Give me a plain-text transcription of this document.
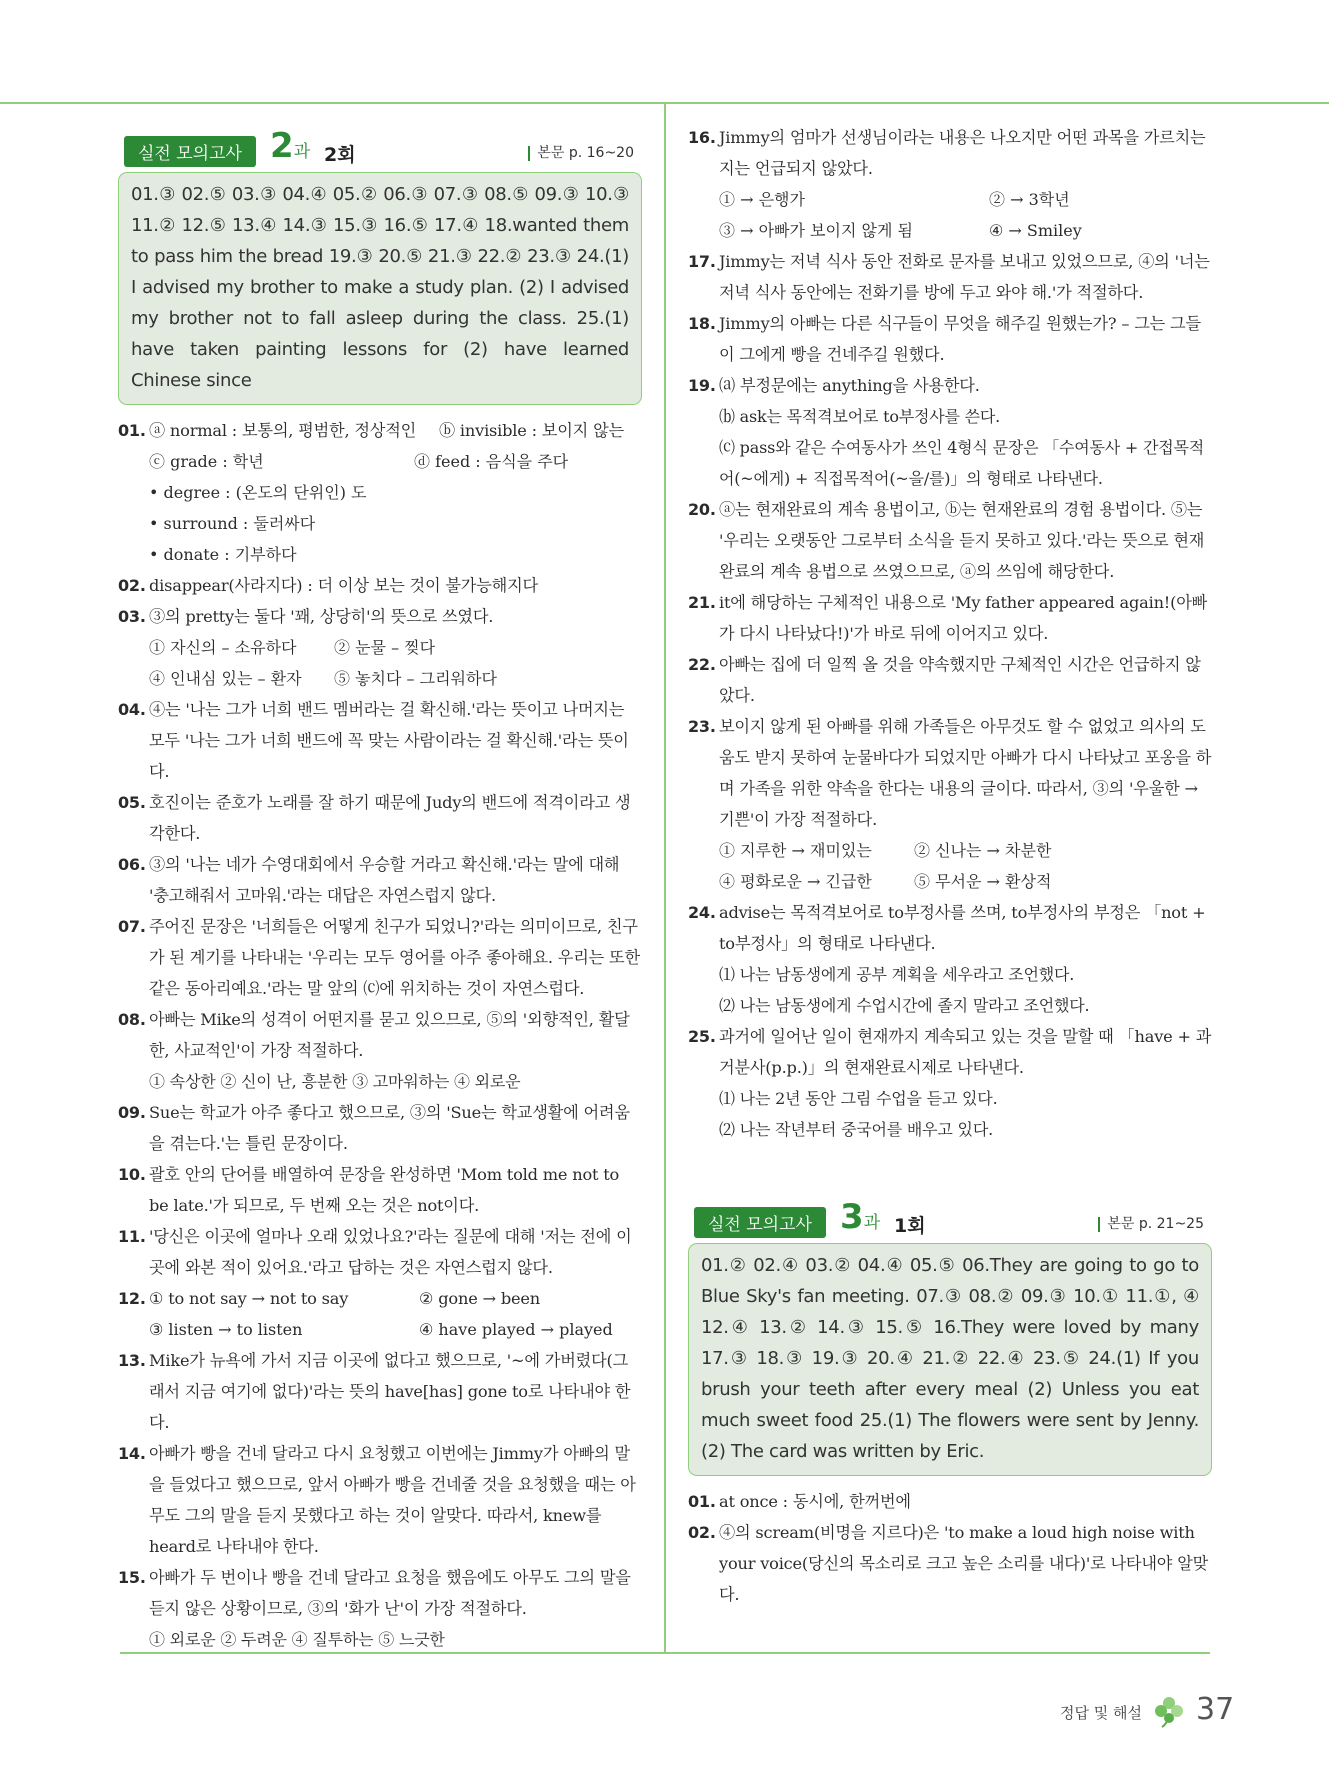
실전 모의고사 2과 2회	본문 p. 16~20
01.③ 02.⑤ 03.③ 04.④ 05.② 06.③ 07.③ 08.⑤ 09.③ 10.③ 11.② 12.⑤ 13.④ 14.③ 15.③ 16.⑤ 17.④ 18.wanted them to pass him the bread 19.③ 20.⑤ 21.③ 22.② 23.③ 24.(1) I advised my brother to make a study plan. (2) I advised my brother not to fall asleep during the class. 25.(1) have taken painting lessons for (2) have learned Chinese since
01. ⓐ normal : 보통의, 평범한, 정상적인 ⓑ invisible : 보이지 않는
ⓒ grade : 학년	ⓓ feed : 음식을 주다
• degree : (온도의 단위인) 도
• surround : 둘러싸다
• donate : 기부하다
02. disappear(사라지다) : 더 이상 보는 것이 불가능해지다
03. ③의 pretty는 둘다 '꽤, 상당히'의 뜻으로 쓰였다.
① 자신의 – 소유하다	② 눈물 – 찢다
④ 인내심 있는 – 환자	⑤ 놓치다 – 그리워하다
04. ④는 '나는 그가 너희 밴드 멤버라는 걸 확신해.'라는 뜻이고 나머지는 모두 '나는 그가 너희 밴드에 꼭 맞는 사람이라는 걸 확신해.'라는 뜻이다.
05. 호진이는 준호가 노래를 잘 하기 때문에 Judy의 밴드에 적격이라고 생각한다.
06. ③의 '나는 네가 수영대회에서 우승할 거라고 확신해.'라는 말에 대해 '충고해줘서 고마워.'라는 대답은 자연스럽지 않다.
07. 주어진 문장은 '너희들은 어떻게 친구가 되었니?'라는 의미이므로, 친구가 된 계기를 나타내는 '우리는 모두 영어를 아주 좋아해요. 우리는 또한 같은 동아리예요.'라는 말 앞의 ⒞에 위치하는 것이 자연스럽다.
08. 아빠는 Mike의 성격이 어떤지를 묻고 있으므로, ⑤의 '외향적인, 활달한, 사교적인'이 가장 적절하다.
① 속상한 ② 신이 난, 흥분한 ③ 고마워하는 ④ 외로운
09. Sue는 학교가 아주 좋다고 했으므로, ③의 'Sue는 학교생활에 어려움을 겪는다.'는 틀린 문장이다.
10. 괄호 안의 단어를 배열하여 문장을 완성하면 'Mom told me not to be late.'가 되므로, 두 번째 오는 것은 not이다.
11. '당신은 이곳에 얼마나 오래 있었나요?'라는 질문에 대해 '저는 전에 이곳에 와본 적이 있어요.'라고 답하는 것은 자연스럽지 않다.
12. ① to not say → not to say	② gone → been
③ listen → to listen	④ have played → played
13. Mike가 뉴욕에 가서 지금 이곳에 없다고 했으므로, '~에 가버렸다(그래서 지금 여기에 없다)'라는 뜻의 have[has] gone to로 나타내야 한다.
14. 아빠가 빵을 건네 달라고 다시 요청했고 이번에는 Jimmy가 아빠의 말을 들었다고 했으므로, 앞서 아빠가 빵을 건네줄 것을 요청했을 때는 아무도 그의 말을 듣지 못했다고 하는 것이 알맞다. 따라서, knew를 heard로 나타내야 한다.
15. 아빠가 두 번이나 빵을 건네 달라고 요청을 했음에도 아무도 그의 말을 듣지 않은 상황이므로, ③의 '화가 난'이 가장 적절하다.
① 외로운 ② 두려운 ④ 질투하는 ⑤ 느긋한
16. Jimmy의 엄마가 선생님이라는 내용은 나오지만 어떤 과목을 가르치는지는 언급되지 않았다.
① → 은행가	② → 3학년
③ → 아빠가 보이지 않게 됨	④ → Smiley
17. Jimmy는 저녁 식사 동안 전화로 문자를 보내고 있었으므로, ④의 '너는 저녁 식사 동안에는 전화기를 방에 두고 와야 해.'가 적절하다.
18. Jimmy의 아빠는 다른 식구들이 무엇을 해주길 원했는가? – 그는 그들이 그에게 빵을 건네주길 원했다.
19. ⒜ 부정문에는 anything을 사용한다.
⒝ ask는 목적격보어로 to부정사를 쓴다.
⒞ pass와 같은 수여동사가 쓰인 4형식 문장은 「수여동사 + 간접목적어(~에게) + 직접목적어(~을/를)」의 형태로 나타낸다.
20. ⓐ는 현재완료의 계속 용법이고, ⓑ는 현재완료의 경험 용법이다. ⑤는 '우리는 오랫동안 그로부터 소식을 듣지 못하고 있다.'라는 뜻으로 현재완료의 계속 용법으로 쓰였으므로, ⓐ의 쓰임에 해당한다.
21. it에 해당하는 구체적인 내용으로 'My father appeared again!(아빠가 다시 나타났다!)'가 바로 뒤에 이어지고 있다.
22. 아빠는 집에 더 일찍 올 것을 약속했지만 구체적인 시간은 언급하지 않았다.
23. 보이지 않게 된 아빠를 위해 가족들은 아무것도 할 수 없었고 의사의 도움도 받지 못하여 눈물바다가 되었지만 아빠가 다시 나타났고 포옹을 하며 가족을 위한 약속을 한다는 내용의 글이다. 따라서, ③의 '우울한 → 기쁜'이 가장 적절하다.
① 지루한 → 재미있는	② 신나는 → 차분한
④ 평화로운 → 긴급한	⑤ 무서운 → 환상적
24. advise는 목적격보어로 to부정사를 쓰며, to부정사의 부정은 「not + to부정사」의 형태로 나타낸다.
⑴ 나는 남동생에게 공부 계획을 세우라고 조언했다.
⑵ 나는 남동생에게 수업시간에 졸지 말라고 조언했다.
25. 과거에 일어난 일이 현재까지 계속되고 있는 것을 말할 때 「have + 과거분사(p.p.)」의 현재완료시제로 나타낸다.
⑴ 나는 2년 동안 그림 수업을 듣고 있다.
⑵ 나는 작년부터 중국어를 배우고 있다.
실전 모의고사 3과 1회	본문 p. 21~25
01.② 02.④ 03.② 04.④ 05.⑤ 06.They are going to go to Blue Sky's fan meeting. 07.③ 08.② 09.③ 10.① 11.①, ④ 12.④ 13.② 14.③ 15.⑤ 16.They were loved by many 17.③ 18.③ 19.③ 20.④ 21.② 22.④ 23.⑤ 24.(1) If you brush your teeth after every meal (2) Unless you eat much sweet food 25.(1) The flowers were sent by Jenny. (2) The card was written by Eric.
01. at once : 동시에, 한꺼번에
02. ④의 scream(비명을 지르다)은 'to make a loud high noise with your voice(당신의 목소리로 크고 높은 소리를 내다)'로 나타내야 알맞다.
정답 및 해설 37
